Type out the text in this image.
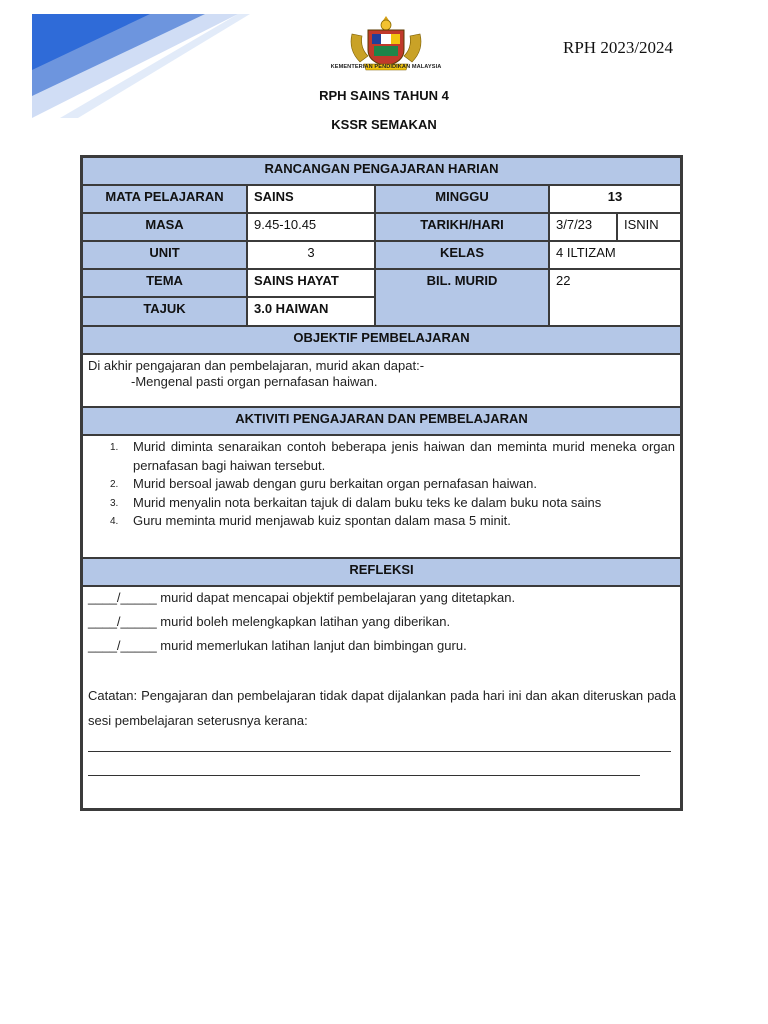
KEMENTERIAN PENDIDIKAN MALAYSIA
RPH 2023/2024
RPH SAINS TAHUN 4
KSSR SEMAKAN
RANCANGAN PENGAJARAN HARIAN
MATA PELAJARAN	SAINS	MINGGU	13
MASA	9.45-10.45	TARIKH/HARI	3/7/23	ISNIN
UNIT	3	KELAS	4 ILTIZAM
TEMA	SAINS HAYAT	BIL. MURID	22
TAJUK	3.0 HAIWAN
OBJEKTIF PEMBELAJARAN
Di akhir pengajaran dan pembelajaran, murid akan dapat:-
-Mengenal pasti organ pernafasan haiwan.
AKTIVITI PENGAJARAN DAN PEMBELAJARAN
1. Murid diminta senaraikan contoh beberapa jenis haiwan dan meminta murid meneka organ pernafasan bagi haiwan tersebut.
2. Murid bersoal jawab dengan guru berkaitan organ pernafasan haiwan.
3. Murid menyalin nota berkaitan tajuk di dalam buku teks ke dalam buku nota sains
4. Guru meminta murid menjawab kuiz spontan dalam masa 5 minit.
REFLEKSI
____/_____ murid dapat mencapai objektif pembelajaran yang ditetapkan.
____/_____ murid boleh melengkapkan latihan yang diberikan.
____/_____ murid memerlukan latihan lanjut dan bimbingan guru.
Catatan: Pengajaran dan pembelajaran tidak dapat dijalankan pada hari ini dan akan diteruskan pada sesi pembelajaran seterusnya kerana:
